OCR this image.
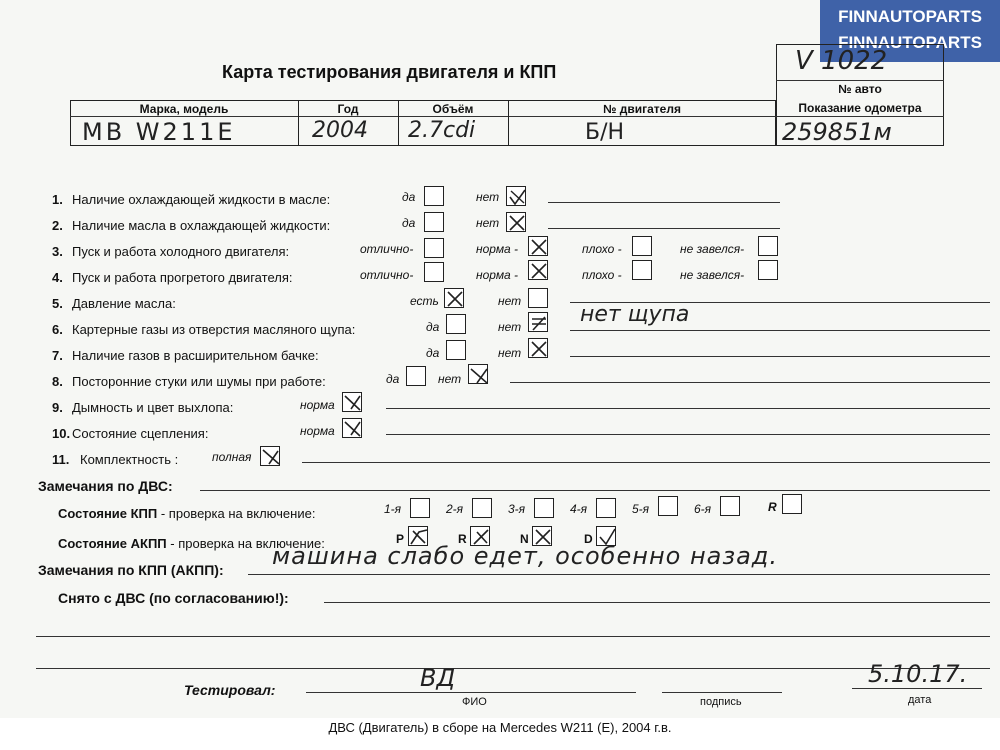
FINNAUTOPARTS
FINNAUTOPARTS
Карта тестирования двигателя и КПП	V 1022
№ авто
Марка, модель	Год	Объём	№ двигателя	Показание одометра
MB W211E	2004 2.7cdi	Б/Н	259851м
1. Наличие охлаждающей жидкости в масле:	да	нет
2. Наличие масла в охлаждающей жидкости:	да	нет
3. Пуск и работа холодного двигателя:	отлично-	норма -	плохо -	не завелся-
4. Пуск и работа прогретого двигателя:	отлично-	норма -	плохо -	не завелся-
5. Давление масла:	есть	нет
6. Картерные газы из отверстия масляного щупа:	да	нет	нет щупа
7. Наличие газов в расширительном бачке:	да	нет
8. Посторонние стуки или шумы при работе:	да	нет
9. Дымность и цвет выхлопа:	норма
10. Состояние сцепления:	норма
11. Комплектность :	полная
Замечания по ДВС:
Состояние КПП - проверка на включение:	1-я	2-я	3-я	4-я	5-я	6-я	R
Состояние АКПП - проверка на включение:	P	R	N	D
Замечания по КПП (АКПП): машина слабо едет, особенно назад.
Снято с ДВС (по согласованию!):
Тестировал:	ВД
ФИО	подпись
5.10.17.
дата
ДВС (Двигатель) в сборе на Mercedes W211 (E), 2004 г.в.
